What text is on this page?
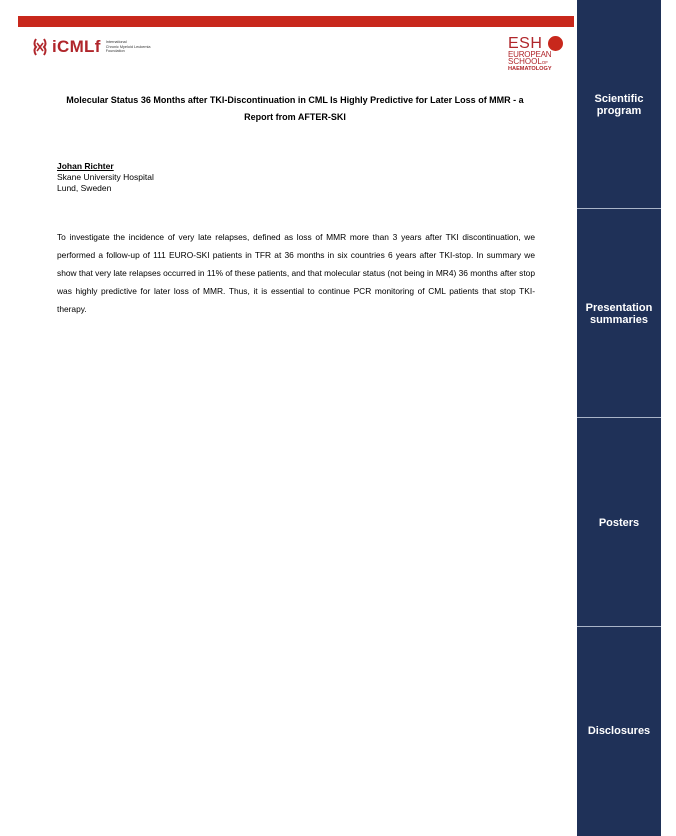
iCMLf International
Chronic Myeloid Leukemia
Foundation	ESH
EUROPEAN
SCHOOLOF
HAEMATOLOGY
Molecular Status 36 Months after TKI-Discontinuation in CML Is Highly Predictive for Later Loss of MMR - a Report from AFTER-SKI
Johan Richter
Skane University Hospital
Lund, Sweden
To investigate the incidence of very late relapses, defined as loss of MMR more than 3 years after TKI discontinuation, we performed a follow-up of 111 EURO-SKI patients in TFR at 36 months in six countries 6 years after TKI-stop. In summary we show that very late relapses occurred in 11% of these patients, and that molecular status (not being in MR4) 36 months after stop was highly predictive for later loss of MMR. Thus, it is essential to continue PCR monitoring of CML patients that stop TKI-therapy.
Scientific
program
Presentation
summaries
Posters
Disclosures
